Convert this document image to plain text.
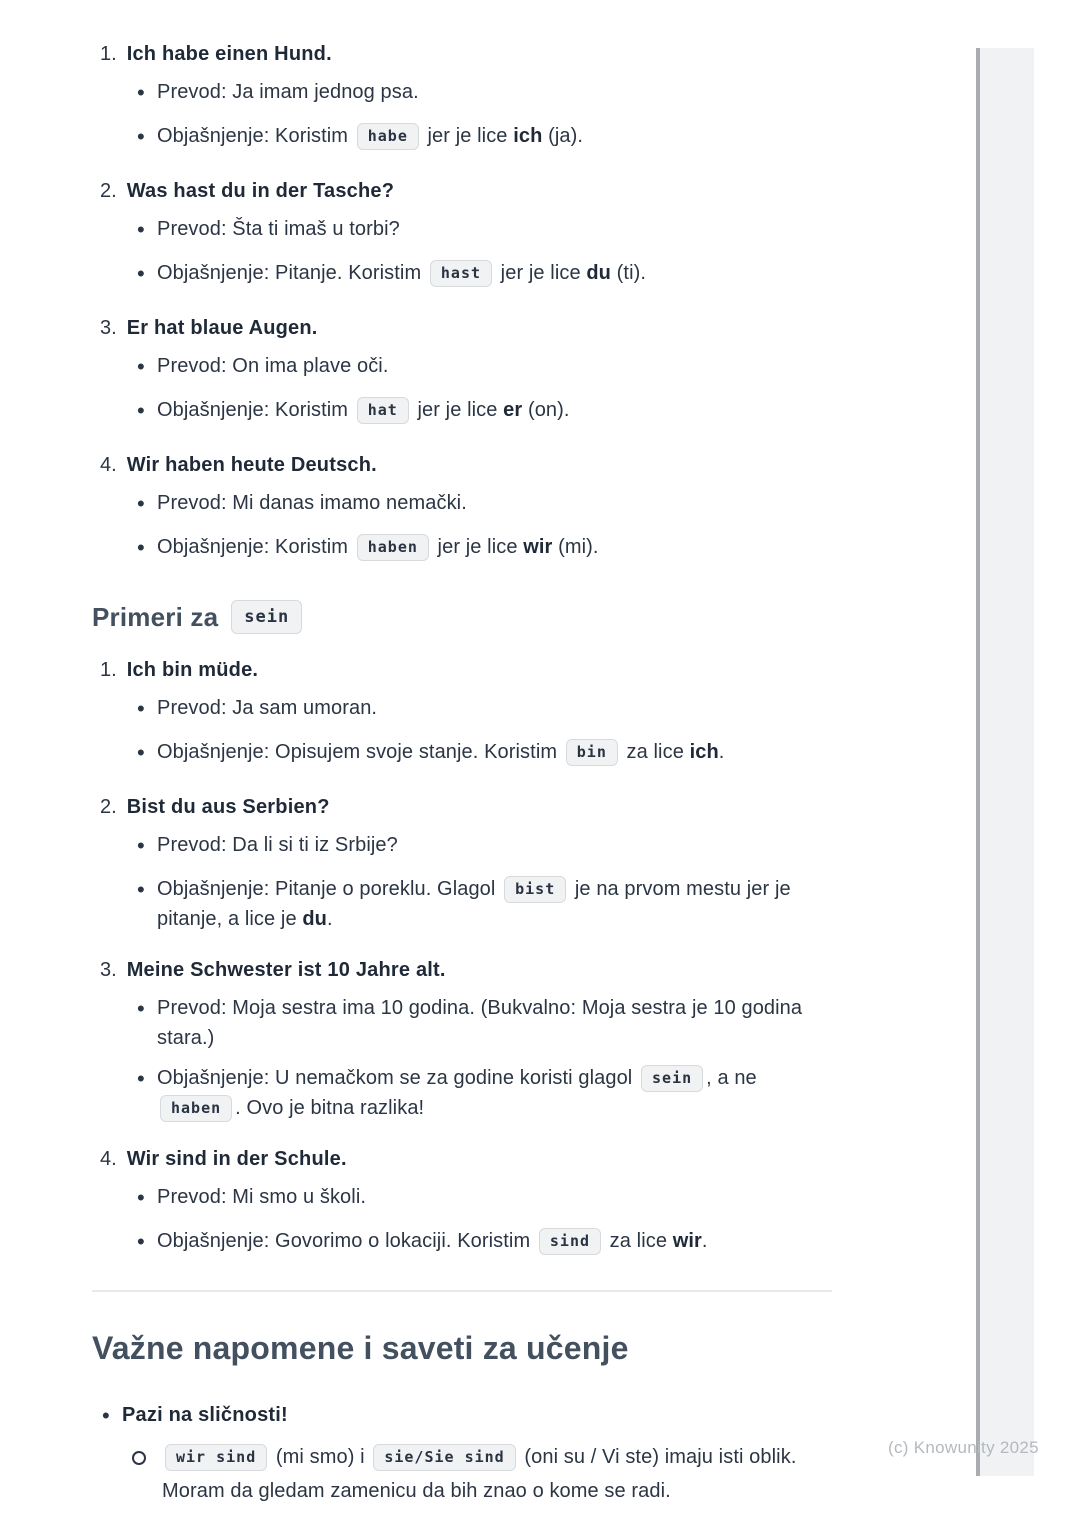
1. Ich habe einen Hund.
•
Prevod: Ja imam jednog psa.
•
Objašnjenje: Koristim habe jer je lice ich (ja).
2. Was hast du in der Tasche?
•
Prevod: Šta ti imaš u torbi?
•
Objašnjenje: Pitanje. Koristim hast jer je lice du (ti).
3. Er hat blaue Augen.
•
Prevod: On ima plave oči.
•
Objašnjenje: Koristim hat jer je lice er (on).
4. Wir haben heute Deutsch.
•
Prevod: Mi danas imamo nemački.
•
Objašnjenje: Koristim haben jer je lice wir (mi).
Primeri za	sein
1. Ich bin müde.
•
Prevod: Ja sam umoran.
•
Objašnjenje: Opisujem svoje stanje. Koristim bin za lice ich.
2. Bist du aus Serbien?
•
Prevod: Da li si ti iz Srbije?
•
Objašnjenje: Pitanje o poreklu. Glagol bist je na prvom mestu jer je pitanje, a lice je du.
3. Meine Schwester ist 10 Jahre alt.
•
Prevod: Moja sestra ima 10 godina. (Bukvalno: Moja sestra je 10 godina stara.)
•
Objašnjenje: U nemačkom se za godine koristi glagol sein , a ne haben . Ovo je bitna razlika!
4. Wir sind in der Schule.
•
Prevod: Mi smo u školi.
•
Objašnjenje: Govorimo o lokaciji. Koristim sind za lice wir.
Važne napomene i saveti za učenje
•
Pazi na sličnosti!
wir sind (mi smo) i sie/Sie sind (oni su / Vi ste) imaju isti oblik. Moram da gledam zamenicu da bih znao o kome se radi.
(c) Knowunity 2025
